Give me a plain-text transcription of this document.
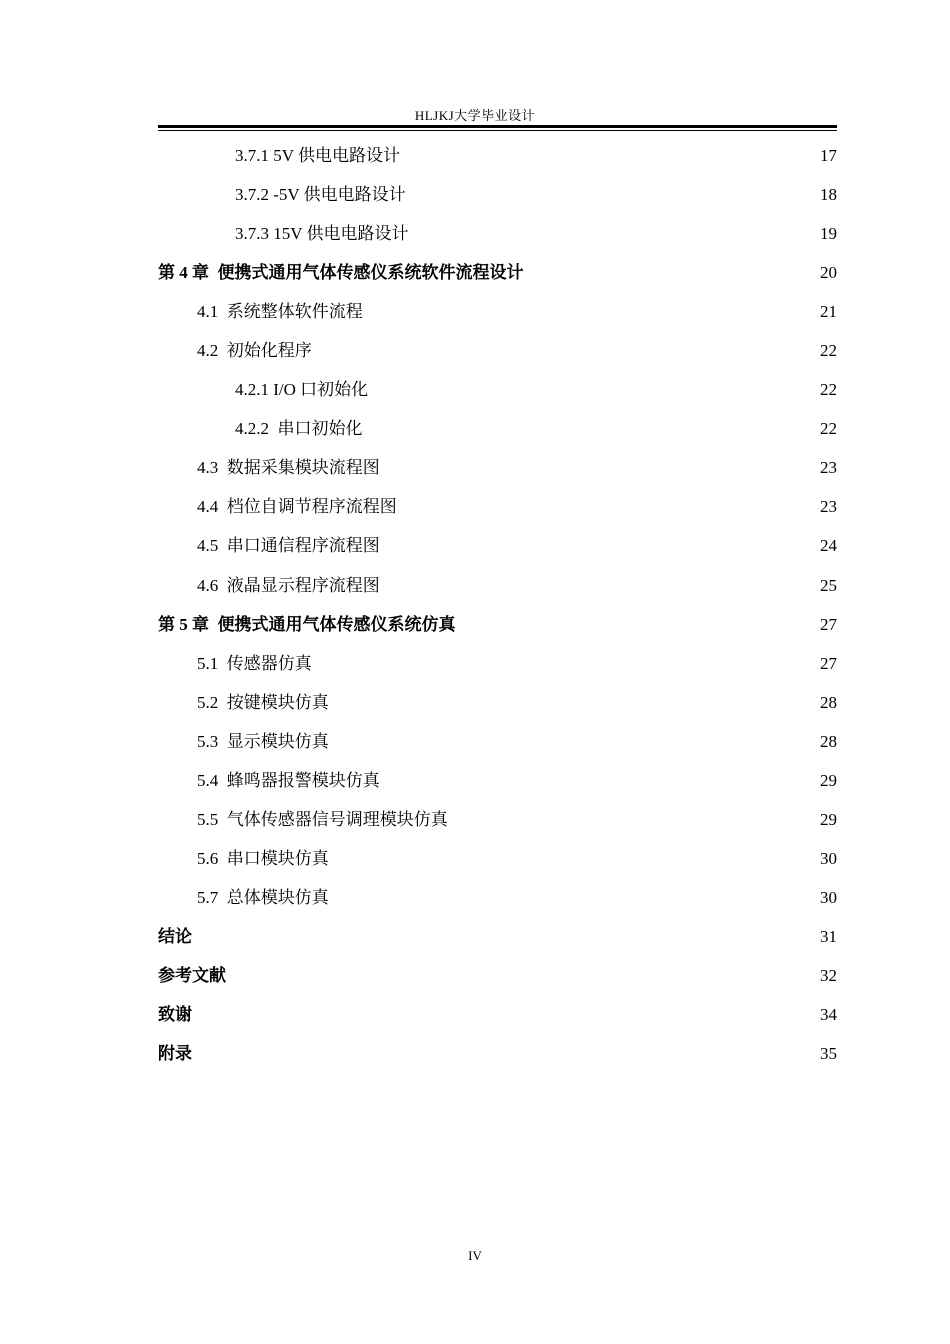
HLJKJ大学毕业设计
3.7.1 5V 供电电路设计 . . .	17
3.7.2 -5V 供电电路设计 . . .	18
3.7.3 15V 供电电路设计 . . .	19
第 4 章  便携式通用气体传感仪系统软件流程设计 . . .	20
4.1  系统整体软件流程 . . .	21
4.2  初始化程序 . . .	22
4.2.1 I/O 口初始化 . . .	22
4.2.2  串口初始化 . . .	22
4.3  数据采集模块流程图 . . .	23
4.4  档位自调节程序流程图 . . .	23
4.5  串口通信程序流程图 . . .	24
4.6  液晶显示程序流程图 . . .	25
第 5 章  便携式通用气体传感仪系统仿真 . . .	27
5.1  传感器仿真 . . .	27
5.2  按键模块仿真 . . .	28
5.3  显示模块仿真 . . .	28
5.4  蜂鸣器报警模块仿真 . . .	29
5.5  气体传感器信号调理模块仿真 . . .	29
5.6  串口模块仿真 . . .	30
5.7  总体模块仿真 . . .	30
结论 . . .	31
参考文献 . . .	32
致谢 . . .	34
附录 . . .	35
IV
